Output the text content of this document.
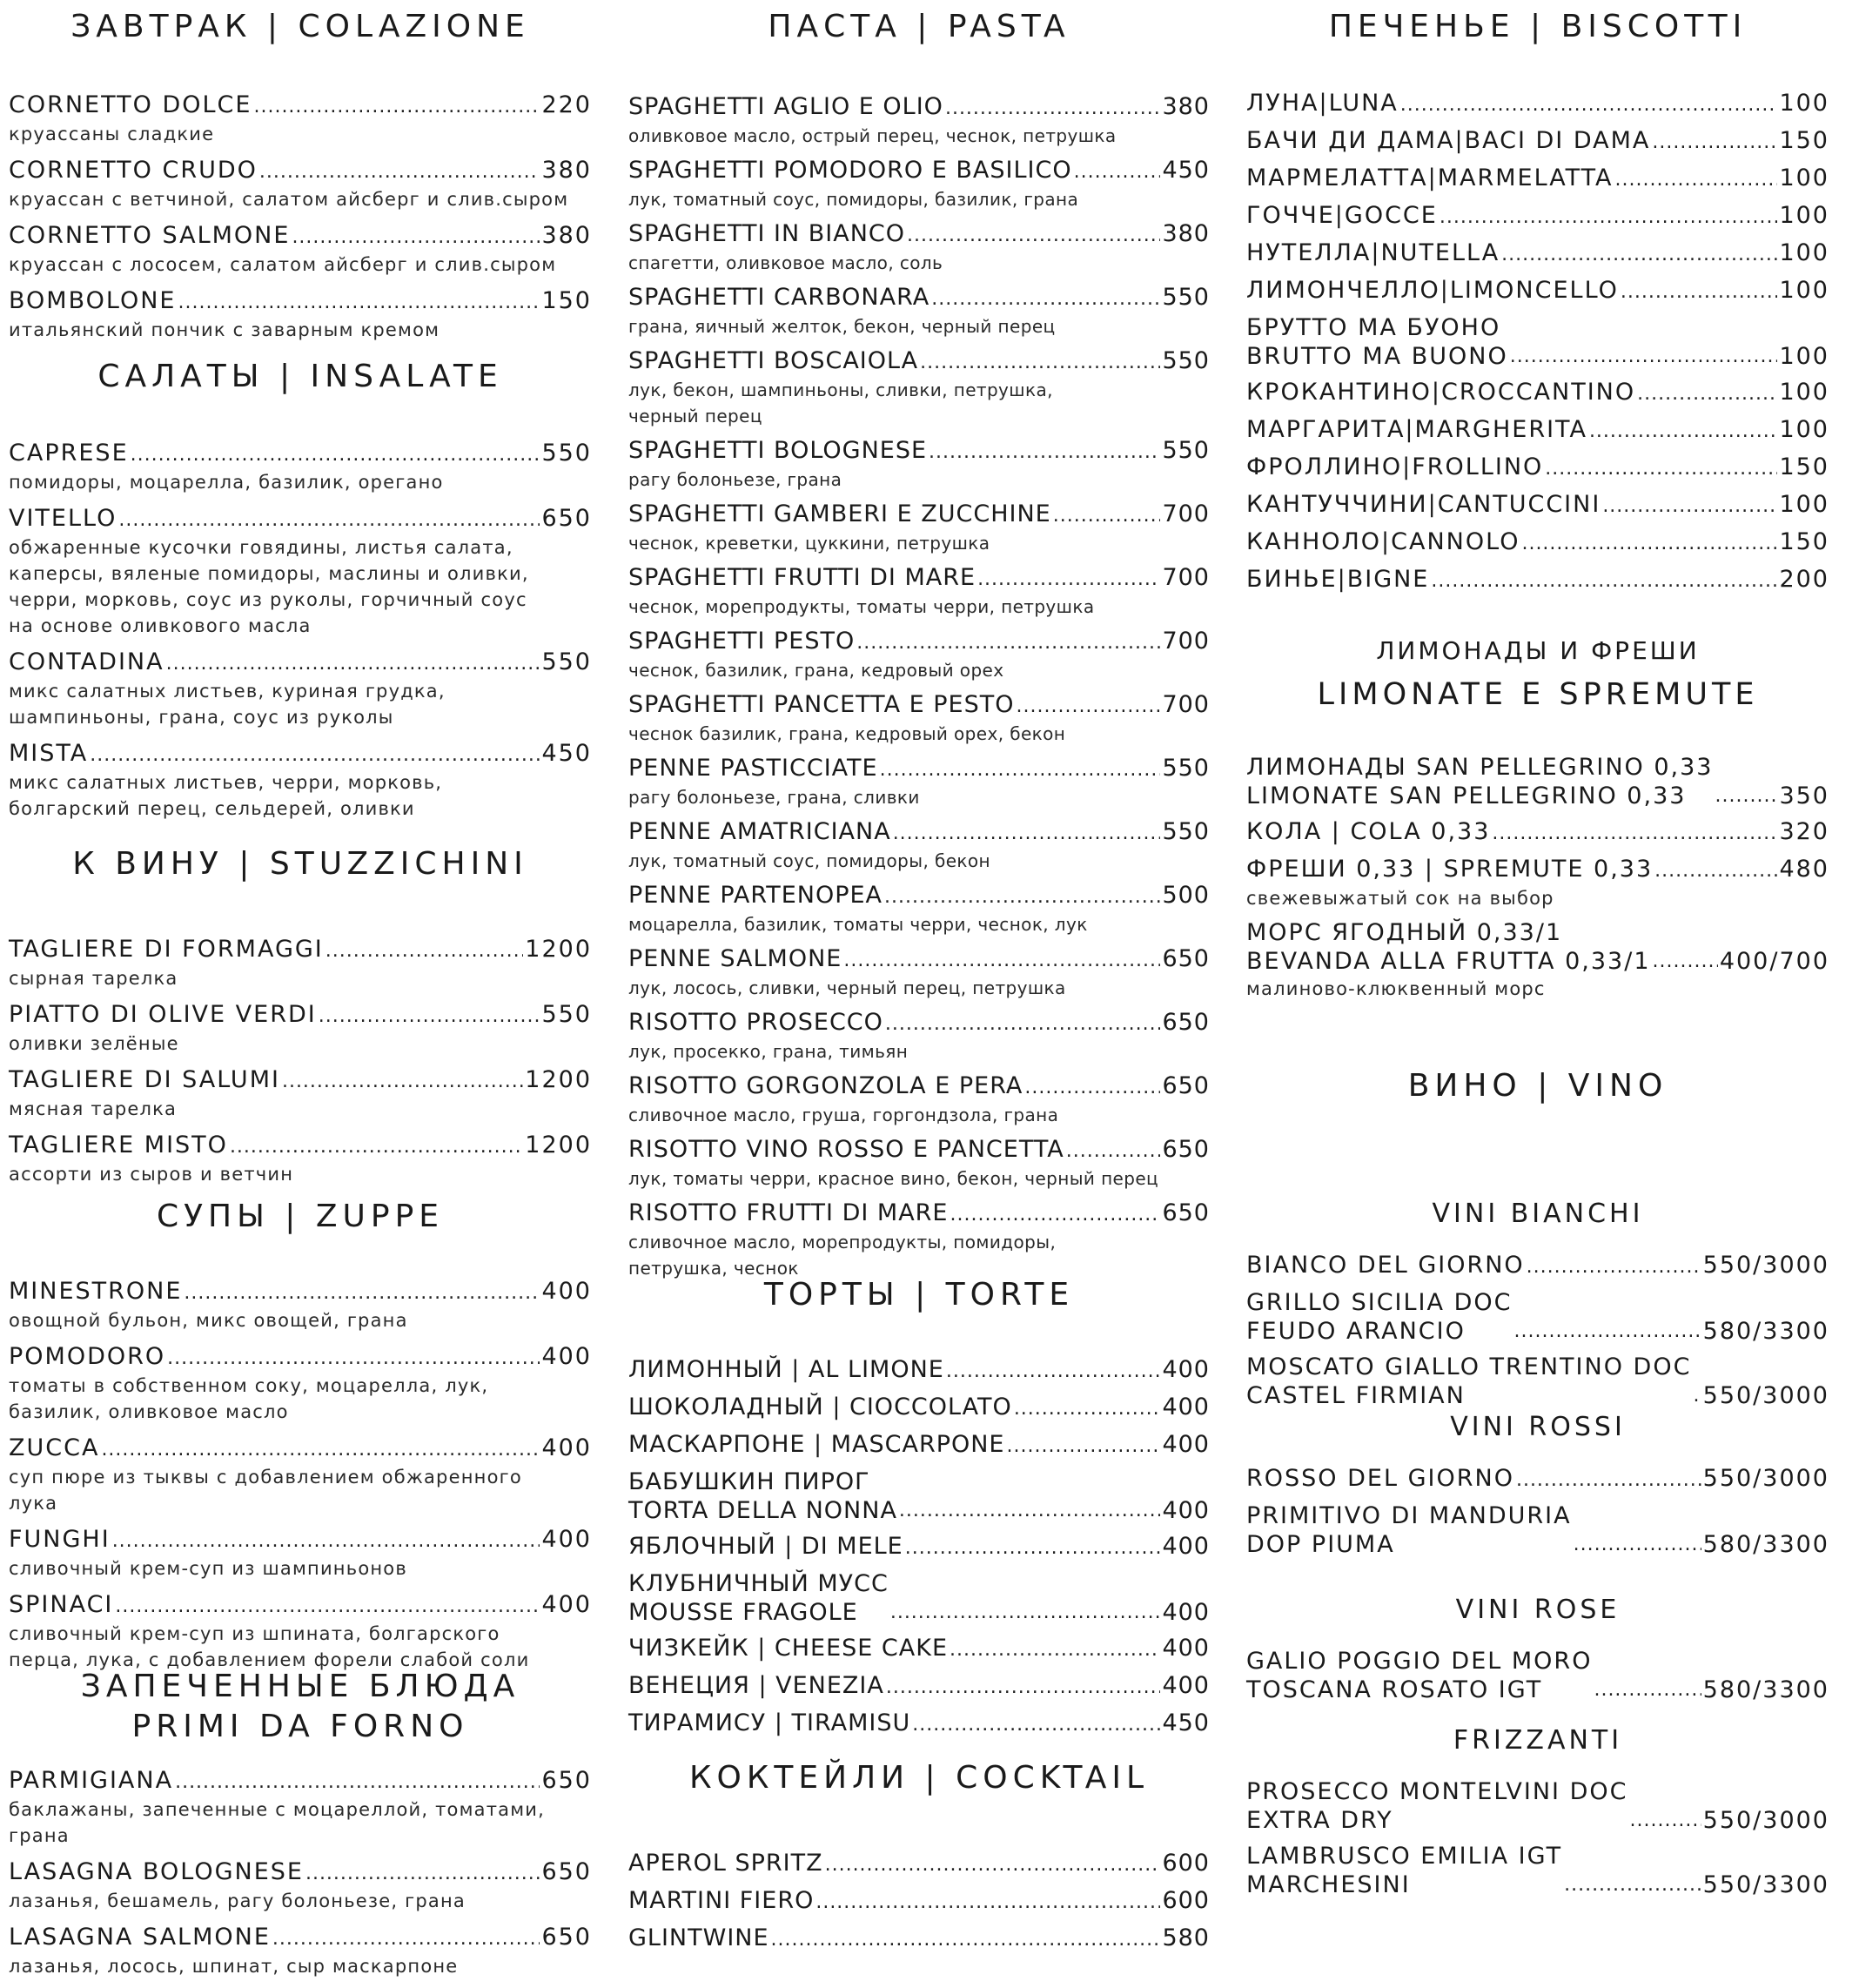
ЗАВТРАК | COLAZIONE
CORNETTO DOLCE .....	220
круассаны сладкие
CORNETTO CRUDO .....	380
круассан с ветчиной, салатом айсберг и слив.сыром
CORNETTO SALMONE .....	380
круассан с лососем, салатом айсберг и слив.сыром
BOMBOLONE .....	150
итальянский пончик с заварным кремом
САЛАТЫ | INSALATE
CAPRESE .....	550
помидоры, моцарелла, базилик, орегано
VITELLO .....	650
обжаренные кусочки говядины, листья салата,
каперсы, вяленые помидоры, маслины и оливки,
черри, морковь, соус из руколы, горчичный соус
на основе оливкового масла
CONTADINA .....	550
микс салатных листьев, куриная грудка,
шампиньоны, грана, соус из руколы
MISTA .....	450
микс салатных листьев, черри, морковь,
болгарский перец, сельдерей, оливки
К ВИНУ | STUZZICHINI
TAGLIERE DI FORMAGGI .....	1200
сырная тарелка
PIATTO DI OLIVE VERDI .....	550
оливки зелёные
TAGLIERE DI SALUMI .....	1200
мясная тарелка
TAGLIERE MISTO .....	1200
ассорти из сыров и ветчин
СУПЫ | ZUPPE
MINESTRONE .....	400
овощной бульон, микс овощей, грана
POMODORO .....	400
томаты в собственном соку, моцарелла, лук,
базилик, оливковое масло
ZUCCA .....	400
суп пюре из тыквы с добавлением обжаренного
лука
FUNGHI .....	400
сливочный крем-суп из шампиньонов
SPINACI .....	400
сливочный крем-суп из шпината, болгарского
перца, лука, с добавлением форели слабой соли
ЗАПЕЧЕННЫЕ БЛЮДА
PRIMI DA FORNO
PARMIGIANA .....	650
баклажаны, запеченные с моцареллой, томатами,
грана
LASAGNA BOLOGNESE .....	650
лазанья, бешамель, рагу болоньезе, грана
LASAGNA SALMONE .....	650
лазанья, лосось, шпинат, сыр маскарпоне
ПАСТА | PASTA
SPAGHETTI AGLIO E OLIO .....	380
оливковое масло, острый перец, чеснок, петрушка
SPAGHETTI POMODORO E BASILICO .....	450
лук, томатный соус, помидоры, базилик, грана
SPAGHETTI IN BIANCO .....	380
спагетти, оливковое масло, соль
SPAGHETTI CARBONARA .....	550
грана, яичный желток, бекон, черный перец
SPAGHETTI BOSCAIOLA .....	550
лук, бекон, шампиньоны, сливки, петрушка,
черный перец
SPAGHETTI BOLOGNESE .....	550
рагу болоньезе, грана
SPAGHETTI GAMBERI E ZUCCHINE .....	700
чеснок, креветки, цуккини, петрушка
SPAGHETTI FRUTTI DI MARE .....	700
чеснок, морепродукты, томаты черри, петрушка
SPAGHETTI PESTO .....	700
чеснок, базилик, грана, кедровый орех
SPAGHETTI PANCETTA E PESTO .....	700
чеснок базилик, грана, кедровый орех, бекон
PENNE PASTICCIATE .....	550
рагу болоньезе, грана, сливки
PENNE AMATRICIANA .....	550
лук, томатный соус, помидоры, бекон
PENNE PARTENOPEA .....	500
моцарелла, базилик, томаты черри, чеснок, лук
PENNE SALMONE .....	650
лук, лосось, сливки, черный перец, петрушка
RISOTTO PROSECCO .....	650
лук, просекко, грана, тимьян
RISOTTO GORGONZOLA E PERA .....	650
сливочное масло, груша, горгондзола, грана
RISOTTO VINO ROSSO E PANCETTA .....	650
лук, томаты черри, красное вино, бекон, черный перец
RISOTTO FRUTTI DI MARE .....	650
сливочное масло, морепродукты, помидоры,
петрушка, чеснок
ТОРТЫ | TORTE
ЛИМОННЫЙ | AL LIMONE .....	400
ШОКОЛАДНЫЙ | CIOCCOLATO .....	400
МАСКАРПОНЕ | MASCARPONE .....	400
БАБУШКИН ПИРОГ
TORTA DELLA NONNA .....	400
ЯБЛОЧНЫЙ | DI MELE .....	400
КЛУБНИЧНЫЙ МУСС
MOUSSE FRAGOLE .....	400
ЧИЗКЕЙК | CHEESE CAKE .....	400
ВЕНЕЦИЯ | VENEZIA .....	400
ТИРАМИСУ | TIRAMISU .....	450
КОКТЕЙЛИ | COCKTAIL
APEROL SPRITZ .....	600
MARTINI FIERO .....	600
GLINTWINE .....	580
ПЕЧЕНЬЕ | BISCOTTI
ЛУНА|LUNA .....	100
БАЧИ ДИ ДАМА|BACI DI DAMA .....	150
МАРМЕЛАТТА|MARMELATTA .....	100
ГОЧЧЕ|GOCCE .....	100
НУТЕЛЛА|NUTELLA .....	100
ЛИМОНЧЕЛЛО|LIMONCELLO .....	100
БРУТТО МА БУОНО
BRUTTO MA BUONO .....	100
КРОКАНТИНО|CROCCANTINO .....	100
МАРГАРИТА|MARGHERITA .....	100
ФРОЛЛИНО|FROLLINO .....	150
КАНТУЧЧИНИ|CANTUCCINI .....	100
КАННОЛО|CANNOLO .....	150
БИНЬЕ|BIGNE .....	200
ЛИМОНАДЫ И ФРЕШИ
LIMONATE E SPREMUTE
ЛИМОНАДЫ SAN PELLEGRINO 0,33
LIMONATE SAN PELLEGRINO 0,33 .....	350
КОЛА | COLA 0,33 .....	320
ФРЕШИ 0,33 | SPREMUTE 0,33 .....	480
свежевыжатый сок на выбор
МОРС ЯГОДНЫЙ 0,33/1
BEVANDA ALLA FRUTTA 0,33/1 .....	400/700
малиново-клюквенный морс
ВИНО | VINO
VINI BIANCHI
BIANCO DEL GIORNO .....	550/3000
GRILLO SICILIA DOC
FEUDO ARANCIO .....	580/3300
MOSCATO GIALLO TRENTINO DOC
CASTEL FIRMIAN .....	550/3000
VINI ROSSI
ROSSO DEL GIORNO .....	550/3000
PRIMITIVO DI MANDURIA
DOP PIUMA .....	580/3300
VINI ROSE
GALIO POGGIO DEL MORO
TOSCANA ROSATO IGT .....	580/3300
FRIZZANTI
PROSECCO MONTELVINI DOC
EXTRA DRY .....	550/3000
LAMBRUSCO EMILIA IGT
MARCHESINI .....	550/3300
